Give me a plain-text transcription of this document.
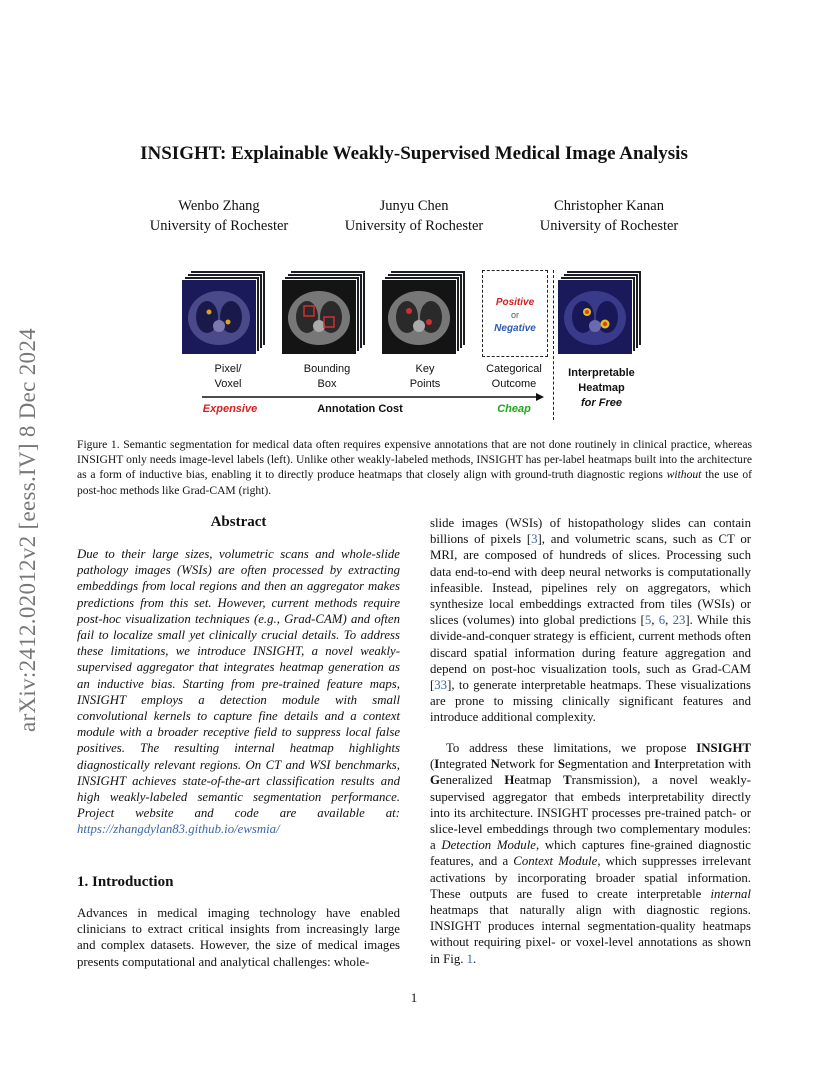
arXiv:2412.02012v2 [eess.IV] 8 Dec 2024
INSIGHT: Explainable Weakly-Supervised Medical Image Analysis
Wenbo Zhang
University of Rochester
Junyu Chen
University of Rochester
Christopher Kanan
University of Rochester
Positive
or
Negative
Pixel/
Voxel
Bounding
Box
Key
Points
Categorical
Outcome
Interpretable
Heatmap
for Free
Expensive	Annotation Cost	Cheap
Figure 1. Semantic segmentation for medical data often requires expensive annotations that are not done routinely in clinical practice, whereas INSIGHT only needs image-level labels (left). Unlike other weakly-labeled methods, INSIGHT has per-label heatmaps built into the architecture as a form of inductive bias, enabling it to directly produce heatmaps that closely align with ground-truth diagnostic regions without the use of post-hoc methods like Grad-CAM (right).
Abstract
Due to their large sizes, volumetric scans and whole-slide pathology images (WSIs) are often processed by extracting embeddings from local regions and then an aggregator makes predictions from this set. However, current methods require post-hoc visualization techniques (e.g., Grad-CAM) and often fail to localize small yet clinically crucial details. To address these limitations, we introduce INSIGHT, a novel weakly-supervised aggregator that integrates heatmap generation as an inductive bias. Starting from pre-trained feature maps, INSIGHT employs a detection module with small convolutional kernels to capture fine details and a context module with a broader receptive field to suppress local false positives. The resulting internal heatmap highlights diagnostically relevant regions. On CT and WSI benchmarks, INSIGHT achieves state-of-the-art classification results and high weakly-labeled semantic segmentation performance. Project website and code are available at: https://zhangdylan83.github.io/ewsmia/
1. Introduction
Advances in medical imaging technology have enabled clinicians to extract critical insights from increasingly large and complex datasets. However, the size of medical images presents computational and analytical challenges: whole-
slide images (WSIs) of histopathology slides can contain billions of pixels [3], and volumetric scans, such as CT or MRI, are composed of hundreds of slices. Processing such data end-to-end with deep neural networks is computationally infeasible. Instead, pipelines rely on aggregators, which synthesize local embeddings extracted from tiles (WSIs) or slices (volumes) into global predictions [5, 6, 23]. While this divide-and-conquer strategy is efficient, current methods often discard spatial information during feature aggregation and depend on post-hoc visualization tools, such as Grad-CAM [33], to generate interpretable heatmaps. These visualizations are prone to missing clinically significant features and introduce additional complexity.
To address these limitations, we propose INSIGHT (Integrated Network for Segmentation and Interpretation with Generalized Heatmap Transmission), a novel weakly-supervised aggregator that embeds interpretability directly into its architecture. INSIGHT processes pre-trained patch- or slice-level embeddings through two complementary modules: a Detection Module, which captures fine-grained diagnostic features, and a Context Module, which suppresses irrelevant activations by incorporating broader spatial information. These outputs are fused to create interpretable internal heatmaps that naturally align with diagnostic regions. INSIGHT produces internal segmentation-quality heatmaps without requiring pixel- or voxel-level annotations as shown in Fig. 1.
1
